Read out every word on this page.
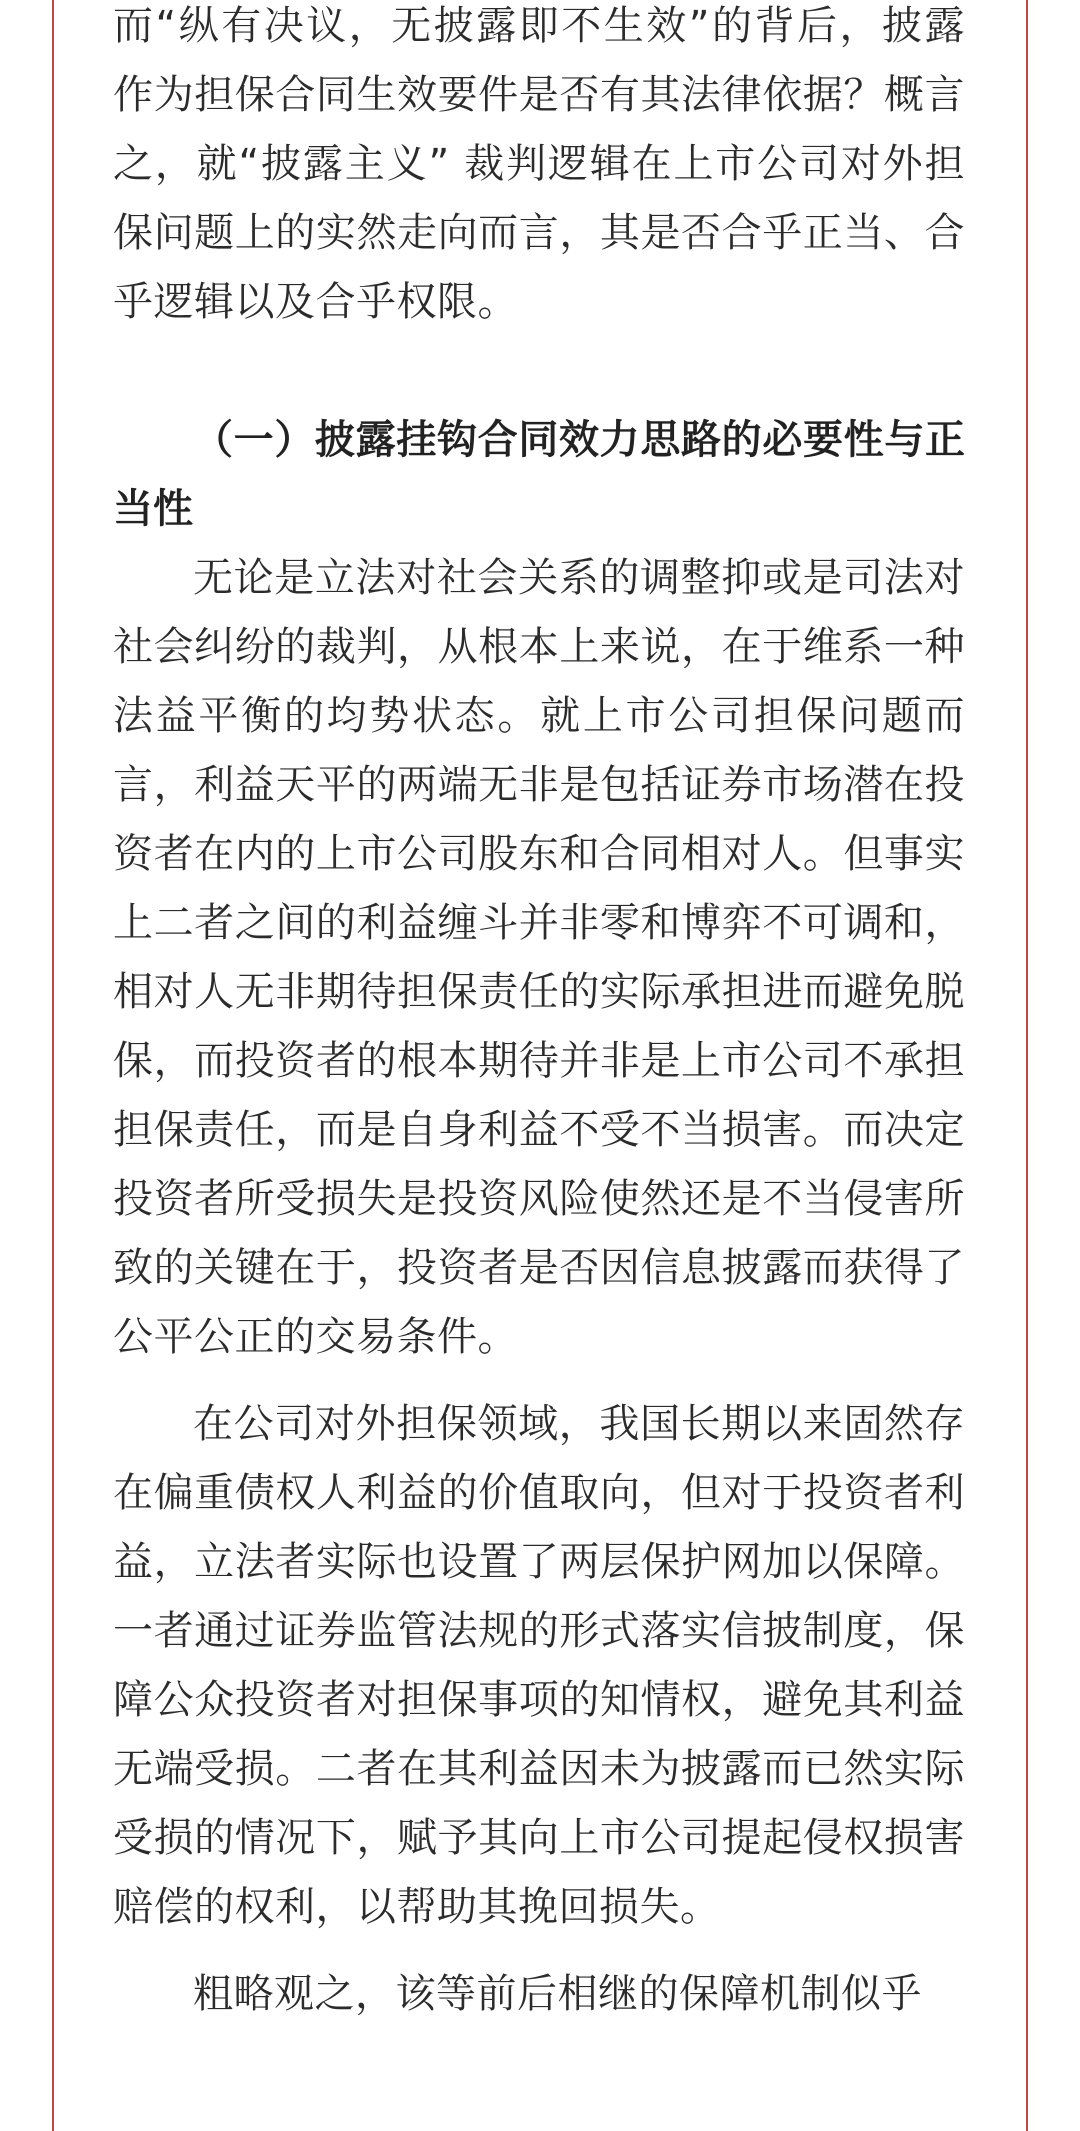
而“纵有决议，无披露即不生效”的背后，披露作为担保合同生效要件是否有其法律依据？概言之，就“披露主义” 裁判逻辑在上市公司对外担保问题上的实然走向而言，其是否合乎正当、合乎逻辑以及合乎权限。

（一）披露挂钩合同效力思路的必要性与正当性

无论是立法对社会关系的调整抑或是司法对社会纠纷的裁判，从根本上来说，在于维系一种法益平衡的均势状态。就上市公司担保问题而言，利益天平的两端无非是包括证券市场潜在投资者在内的上市公司股东和合同相对人。但事实上二者之间的利益缠斗并非零和博弈不可调和，相对人无非期待担保责任的实际承担进而避免脱保，而投资者的根本期待并非是上市公司不承担担保责任，而是自身利益不受不当损害。而决定投资者所受损失是投资风险使然还是不当侵害所致的关键在于，投资者是否因信息披露而获得了公平公正的交易条件。

在公司对外担保领域，我国长期以来固然存在偏重债权人利益的价值取向，但对于投资者利益，立法者实际也设置了两层保护网加以保障。一者通过证券监管法规的形式落实信披制度，保障公众投资者对担保事项的知情权，避免其利益无端受损。二者在其利益因未为披露而已然实际受损的情况下，赋予其向上市公司提起侵权损害赔偿的权利，以帮助其挽回损失。

粗略观之，该等前后相继的保障机制似乎
